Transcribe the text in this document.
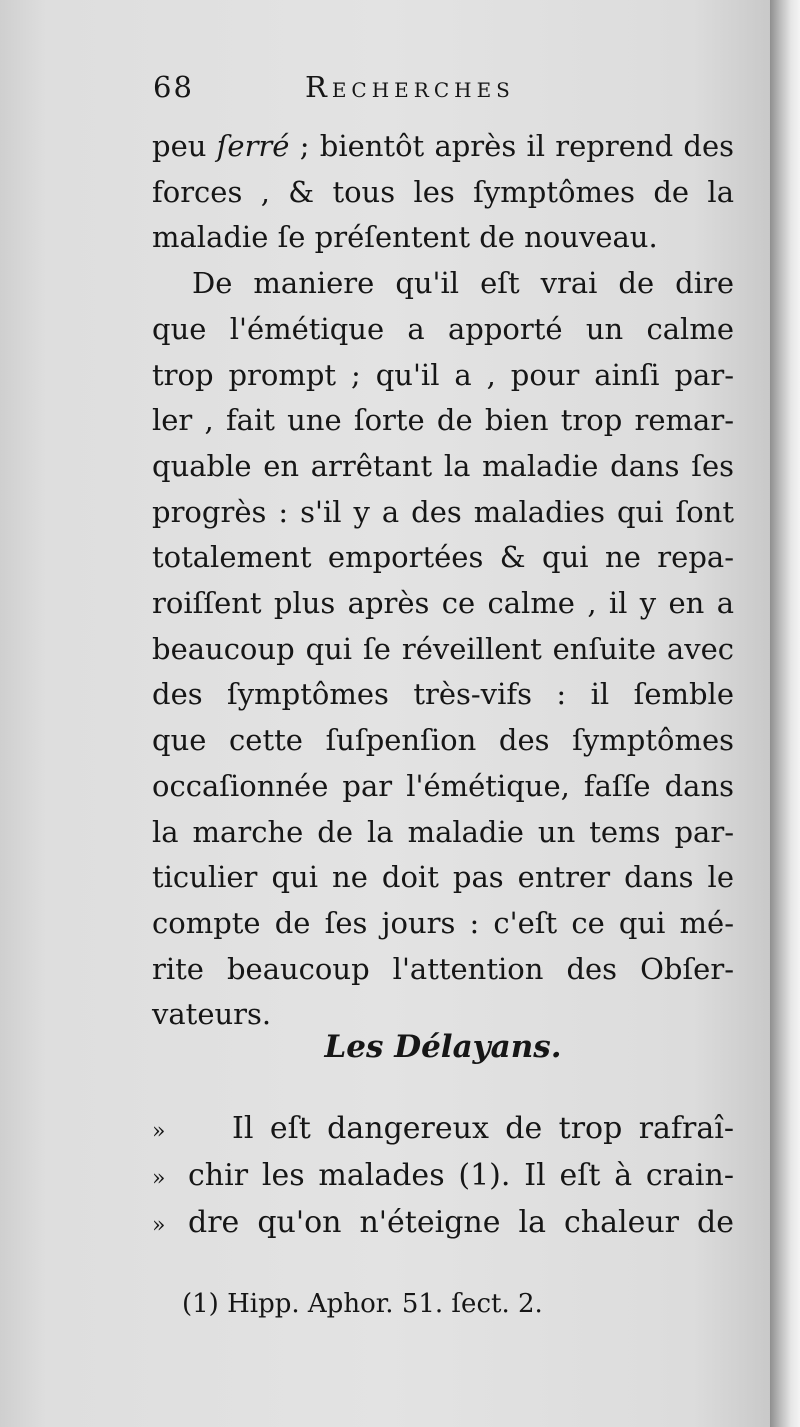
68	Recherches
peu ſerré ; bientôt après il reprend des
forces , & tous les ſymptômes de la
maladie ſe préſentent de nouveau.
De maniere qu'il eſt vrai de dire
que l'émétique a apporté un calme
trop prompt ; qu'il a , pour ainſi par-
ler , fait une ſorte de bien trop remar-
quable en arrêtant la maladie dans ſes
progrès : s'il y a des maladies qui ſont
totalement emportées & qui ne repa-
roiſſent plus après ce calme , il y en a
beaucoup qui ſe réveillent enſuite avec
des ſymptômes très-vifs : il ſemble
que cette ſuſpenſion des ſymptômes
occaſionnée par l'émétique, faſſe dans
la marche de la maladie un tems par-
ticulier qui ne doit pas entrer dans le
compte de ſes jours : c'eſt ce qui mé-
rite beaucoup l'attention des Obſer-
vateurs.
Les Délayans.
» Il eſt dangereux de trop rafraî-
» chir les malades (1). Il eſt à crain-
» dre qu'on n'éteigne la chaleur de
(1) Hipp. Aphor. 51. ſect. 2.
